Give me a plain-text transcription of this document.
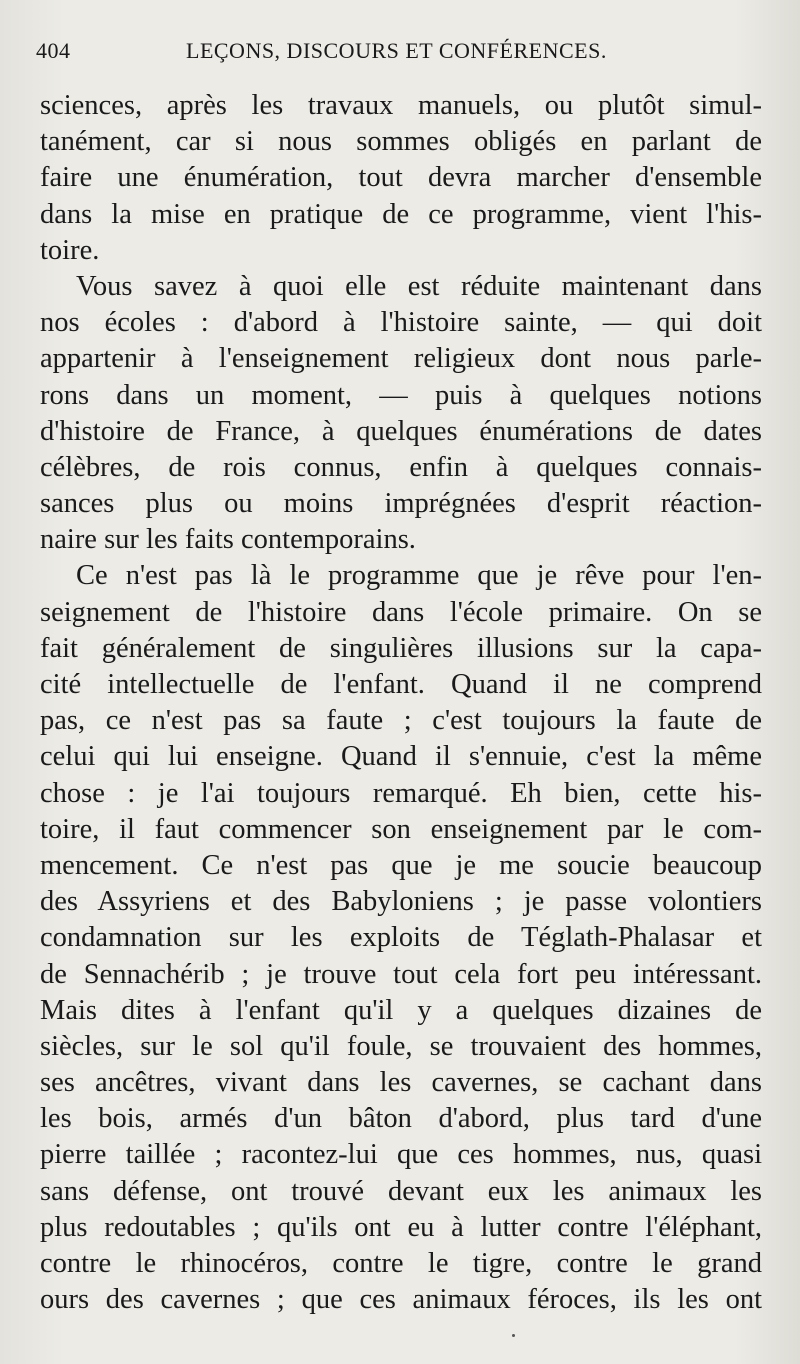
404	LEÇONS, DISCOURS ET CONFÉRENCES.
sciences, après les travaux manuels, ou plutôt simul-
tanément, car si nous sommes obligés en parlant de
faire une énumération, tout devra marcher d'ensemble
dans la mise en pratique de ce programme, vient l'his-
toire.
Vous savez à quoi elle est réduite maintenant dans
nos écoles : d'abord à l'histoire sainte, — qui doit
appartenir à l'enseignement religieux dont nous parle-
rons dans un moment, — puis à quelques notions
d'histoire de France, à quelques énumérations de dates
célèbres, de rois connus, enfin à quelques connais-
sances plus ou moins imprégnées d'esprit réaction-
naire sur les faits contemporains.
Ce n'est pas là le programme que je rêve pour l'en-
seignement de l'histoire dans l'école primaire. On se
fait généralement de singulières illusions sur la capa-
cité intellectuelle de l'enfant. Quand il ne comprend
pas, ce n'est pas sa faute ; c'est toujours la faute de
celui qui lui enseigne. Quand il s'ennuie, c'est la même
chose : je l'ai toujours remarqué. Eh bien, cette his-
toire, il faut commencer son enseignement par le com-
mencement. Ce n'est pas que je me soucie beaucoup
des Assyriens et des Babyloniens ; je passe volontiers
condamnation sur les exploits de Téglath-Phalasar et
de Sennachérib ; je trouve tout cela fort peu intéressant.
Mais dites à l'enfant qu'il y a quelques dizaines de
siècles, sur le sol qu'il foule, se trouvaient des hommes,
ses ancêtres, vivant dans les cavernes, se cachant dans
les bois, armés d'un bâton d'abord, plus tard d'une
pierre taillée ; racontez-lui que ces hommes, nus, quasi
sans défense, ont trouvé devant eux les animaux les
plus redoutables ; qu'ils ont eu à lutter contre l'éléphant,
contre le rhinocéros, contre le tigre, contre le grand
ours des cavernes ; que ces animaux féroces, ils les ont
